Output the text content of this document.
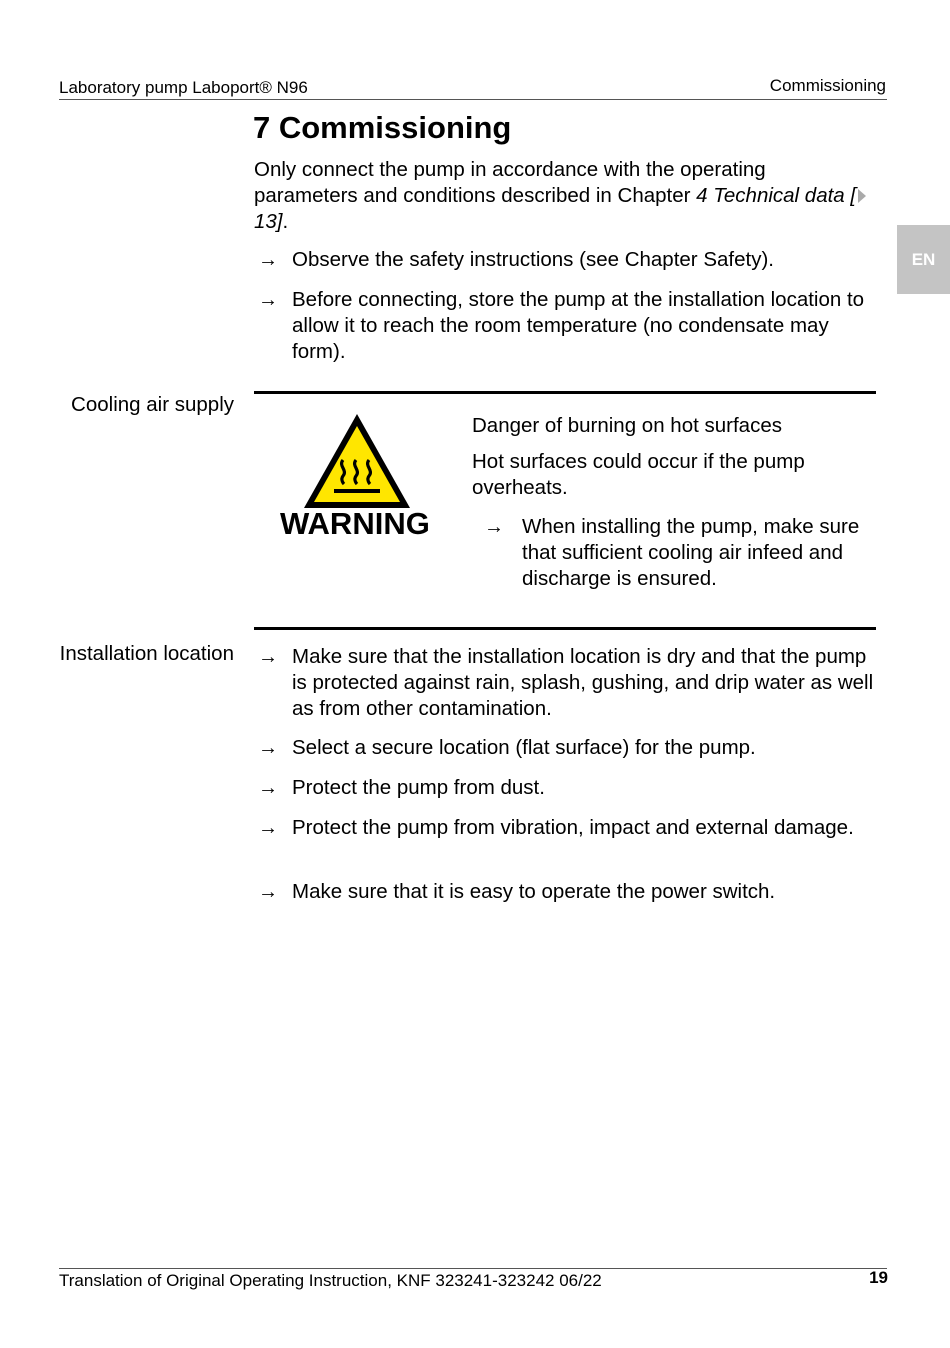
Laboratory pump Laboport® N96	Commissioning
EN
7 Commissioning
Only connect the pump in accordance with the operating parameters and conditions described in Chapter 4 Technical data [13].
→ Observe the safety instructions (see Chapter Safety).
→ Before connecting, store the pump at the installation location to allow it to reach the room temperature (no condensate may form).
Cooling air supply
WARNING
Danger of burning on hot surfaces
Hot surfaces could occur if the pump overheats.
→ When installing the pump, make sure that sufficient cooling air infeed and discharge is ensured.
Installation location → Make sure that the installation location is dry and that the pump is protected against rain, splash, gushing, and drip water as well as from other contamination.
→ Select a secure location (flat surface) for the pump.
→ Protect the pump from dust.
→ Protect the pump from vibration, impact and external damage.
→ Make sure that it is easy to operate the power switch.
Translation of Original Operating Instruction, KNF 323241-323242 06/22	19
